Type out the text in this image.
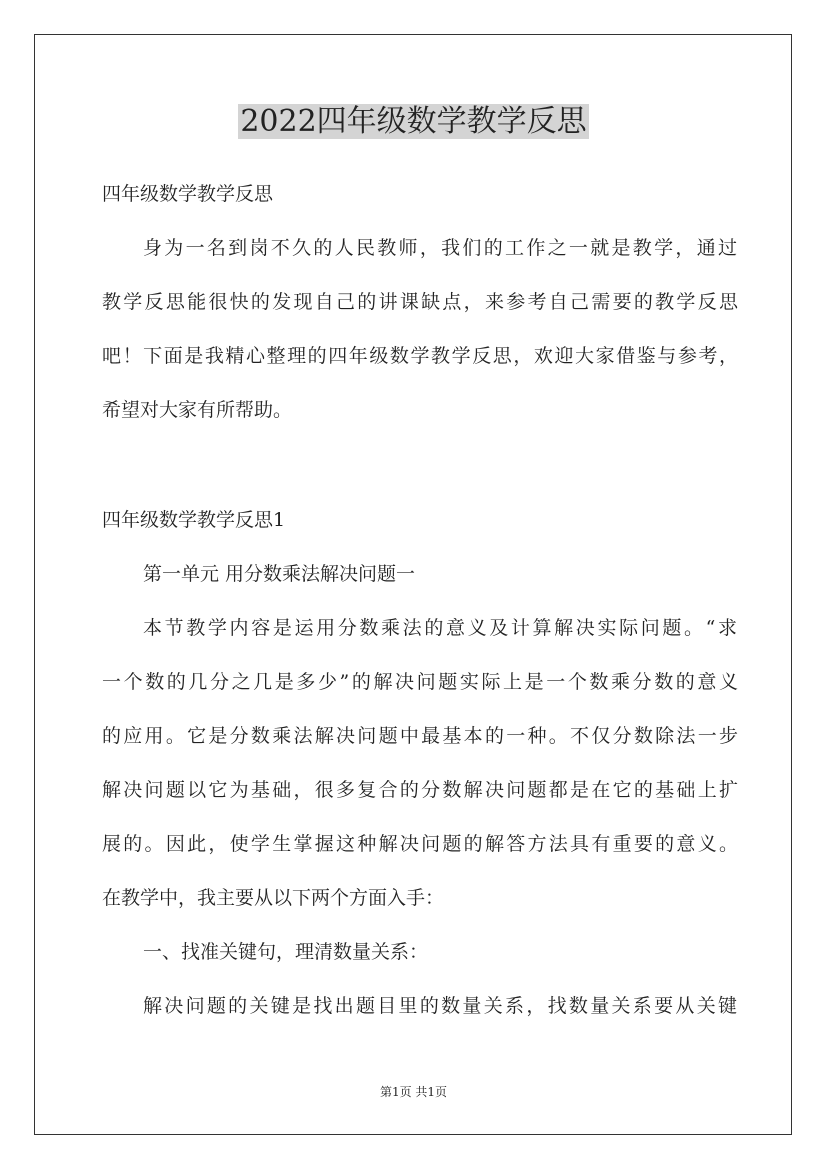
2022四年级数学教学反思
四年级数学教学反思
身为一名到岗不久的人民教师，我们的工作之一就是教学，通过
教学反思能很快的发现自己的讲课缺点，来参考自己需要的教学反思
吧！下面是我精心整理的四年级数学教学反思，欢迎大家借鉴与参考，
希望对大家有所帮助。
四年级数学教学反思1
第一单元 用分数乘法解决问题一
本节教学内容是运用分数乘法的意义及计算解决实际问题。“求
一个数的几分之几是多少”的解决问题实际上是一个数乘分数的意义
的应用。它是分数乘法解决问题中最基本的一种。不仅分数除法一步
解决问题以它为基础，很多复合的分数解决问题都是在它的基础上扩
展的。因此，使学生掌握这种解决问题的解答方法具有重要的意义。
在教学中，我主要从以下两个方面入手：
一、找准关键句，理清数量关系：
解决问题的关键是找出题目里的数量关系，找数量关系要从关键
第1页 共1页
